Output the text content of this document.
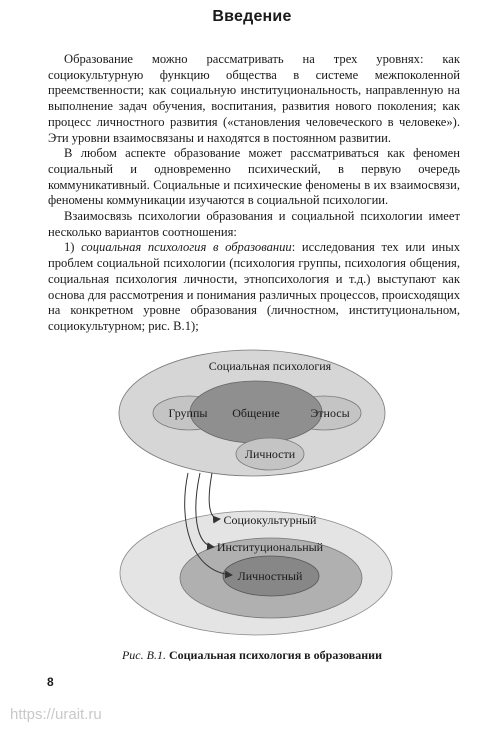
Введение

Образование можно рассматривать на трех уровнях: как социокультурную функцию общества в системе межпоколенной преемственности; как социальную институциональность, направленную на выполнение задач обучения, воспитания, развития нового поколения; как процесс личностного развития («становления человеческого в человеке»). Эти уровни взаимосвязаны и находятся в постоянном развитии.

В любом аспекте образование может рассматриваться как феномен социальный и одновременно психический, в первую очередь коммуникативный. Социальные и психические феномены в их взаимосвязи, феномены коммуникации изучаются в социальной психологии.

Взаимосвязь психологии образования и социальной психологии имеет несколько вариантов соотношения:

1) социальная психология в образовании: исследования тех или иных проблем социальной психологии (психология группы, психология общения, социальная психология личности, этнопсихология и т.д.) выступают как основа для рассмотрения и понимания различных процессов, происходящих на конкретном уровне образования (личностном, институциональном, социокультурном; рис. В.1);

Социальная психология
Группы Общение	Этносы
Личности
Социокультурный
Институциональный
Личностный
Рис. В.1. Социальная психология в образовании
8
https://urait.ru
